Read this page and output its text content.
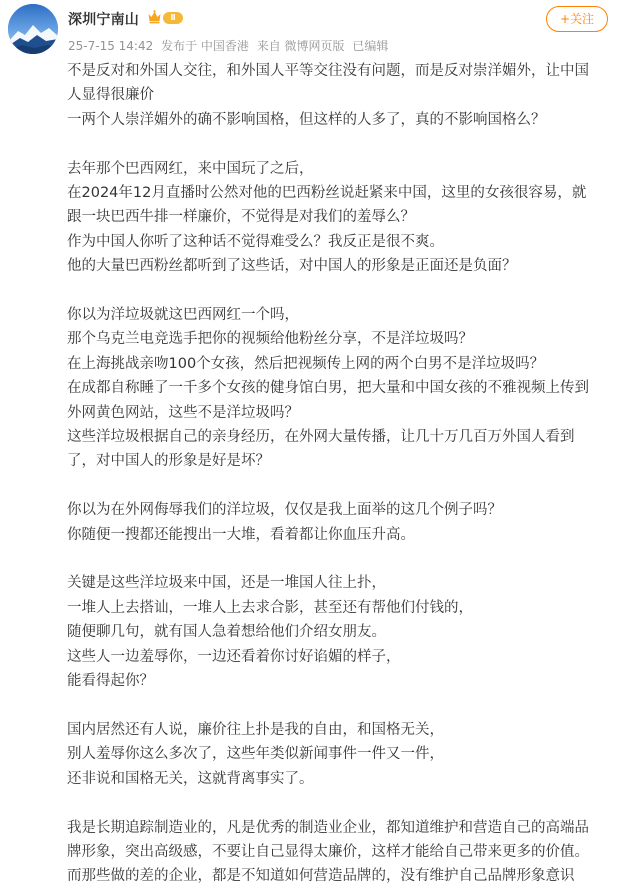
深圳宁南山	Ⅱ
25-7-15 14:42 发布于 中国香港 来自 微博网页版 已编辑
+关注

不是反对和外国人交往，和外国人平等交往没有问题，而是反对崇洋媚外，让中国

人显得很廉价

一两个人崇洋媚外的确不影响国格，但这样的人多了，真的不影响国格么？

去年那个巴西网红，来中国玩了之后，

在2024年12月直播时公然对他的巴西粉丝说赶紧来中国，这里的女孩很容易，就

跟一块巴西牛排一样廉价，不觉得是对我们的羞辱么？

作为中国人你听了这种话不觉得难受么？我反正是很不爽。

他的大量巴西粉丝都听到了这些话，对中国人的形象是正面还是负面？

你以为洋垃圾就这巴西网红一个吗，

那个乌克兰电竞选手把你的视频给他粉丝分享，不是洋垃圾吗？

在上海挑战亲吻100个女孩，然后把视频传上网的两个白男不是洋垃圾吗？

在成都自称睡了一千多个女孩的健身馆白男，把大量和中国女孩的不雅视频上传到

外网黄色网站，这些不是洋垃圾吗？

这些洋垃圾根据自己的亲身经历，在外网大量传播，让几十万几百万外国人看到

了，对中国人的形象是好是坏？

你以为在外网侮辱我们的洋垃圾，仅仅是我上面举的这几个例子吗？

你随便一搜都还能搜出一大堆，看着都让你血压升高。

关键是这些洋垃圾来中国，还是一堆国人往上扑，

一堆人上去搭讪，一堆人上去求合影，甚至还有帮他们付钱的，

随便聊几句，就有国人急着想给他们介绍女朋友。

这些人一边羞辱你，一边还看着你讨好谄媚的样子，

能看得起你？

国内居然还有人说，廉价往上扑是我的自由，和国格无关，

别人羞辱你这么多次了，这些年类似新闻事件一件又一件，

还非说和国格无关，这就背离事实了。

我是长期追踪制造业的，凡是优秀的制造业企业，都知道维护和营造自己的高端品

牌形象，突出高级感，不要让自己显得太廉价，这样才能给自己带来更多的价值。

而那些做的差的企业，都是不知道如何营造品牌的，没有维护自己品牌形象意识
